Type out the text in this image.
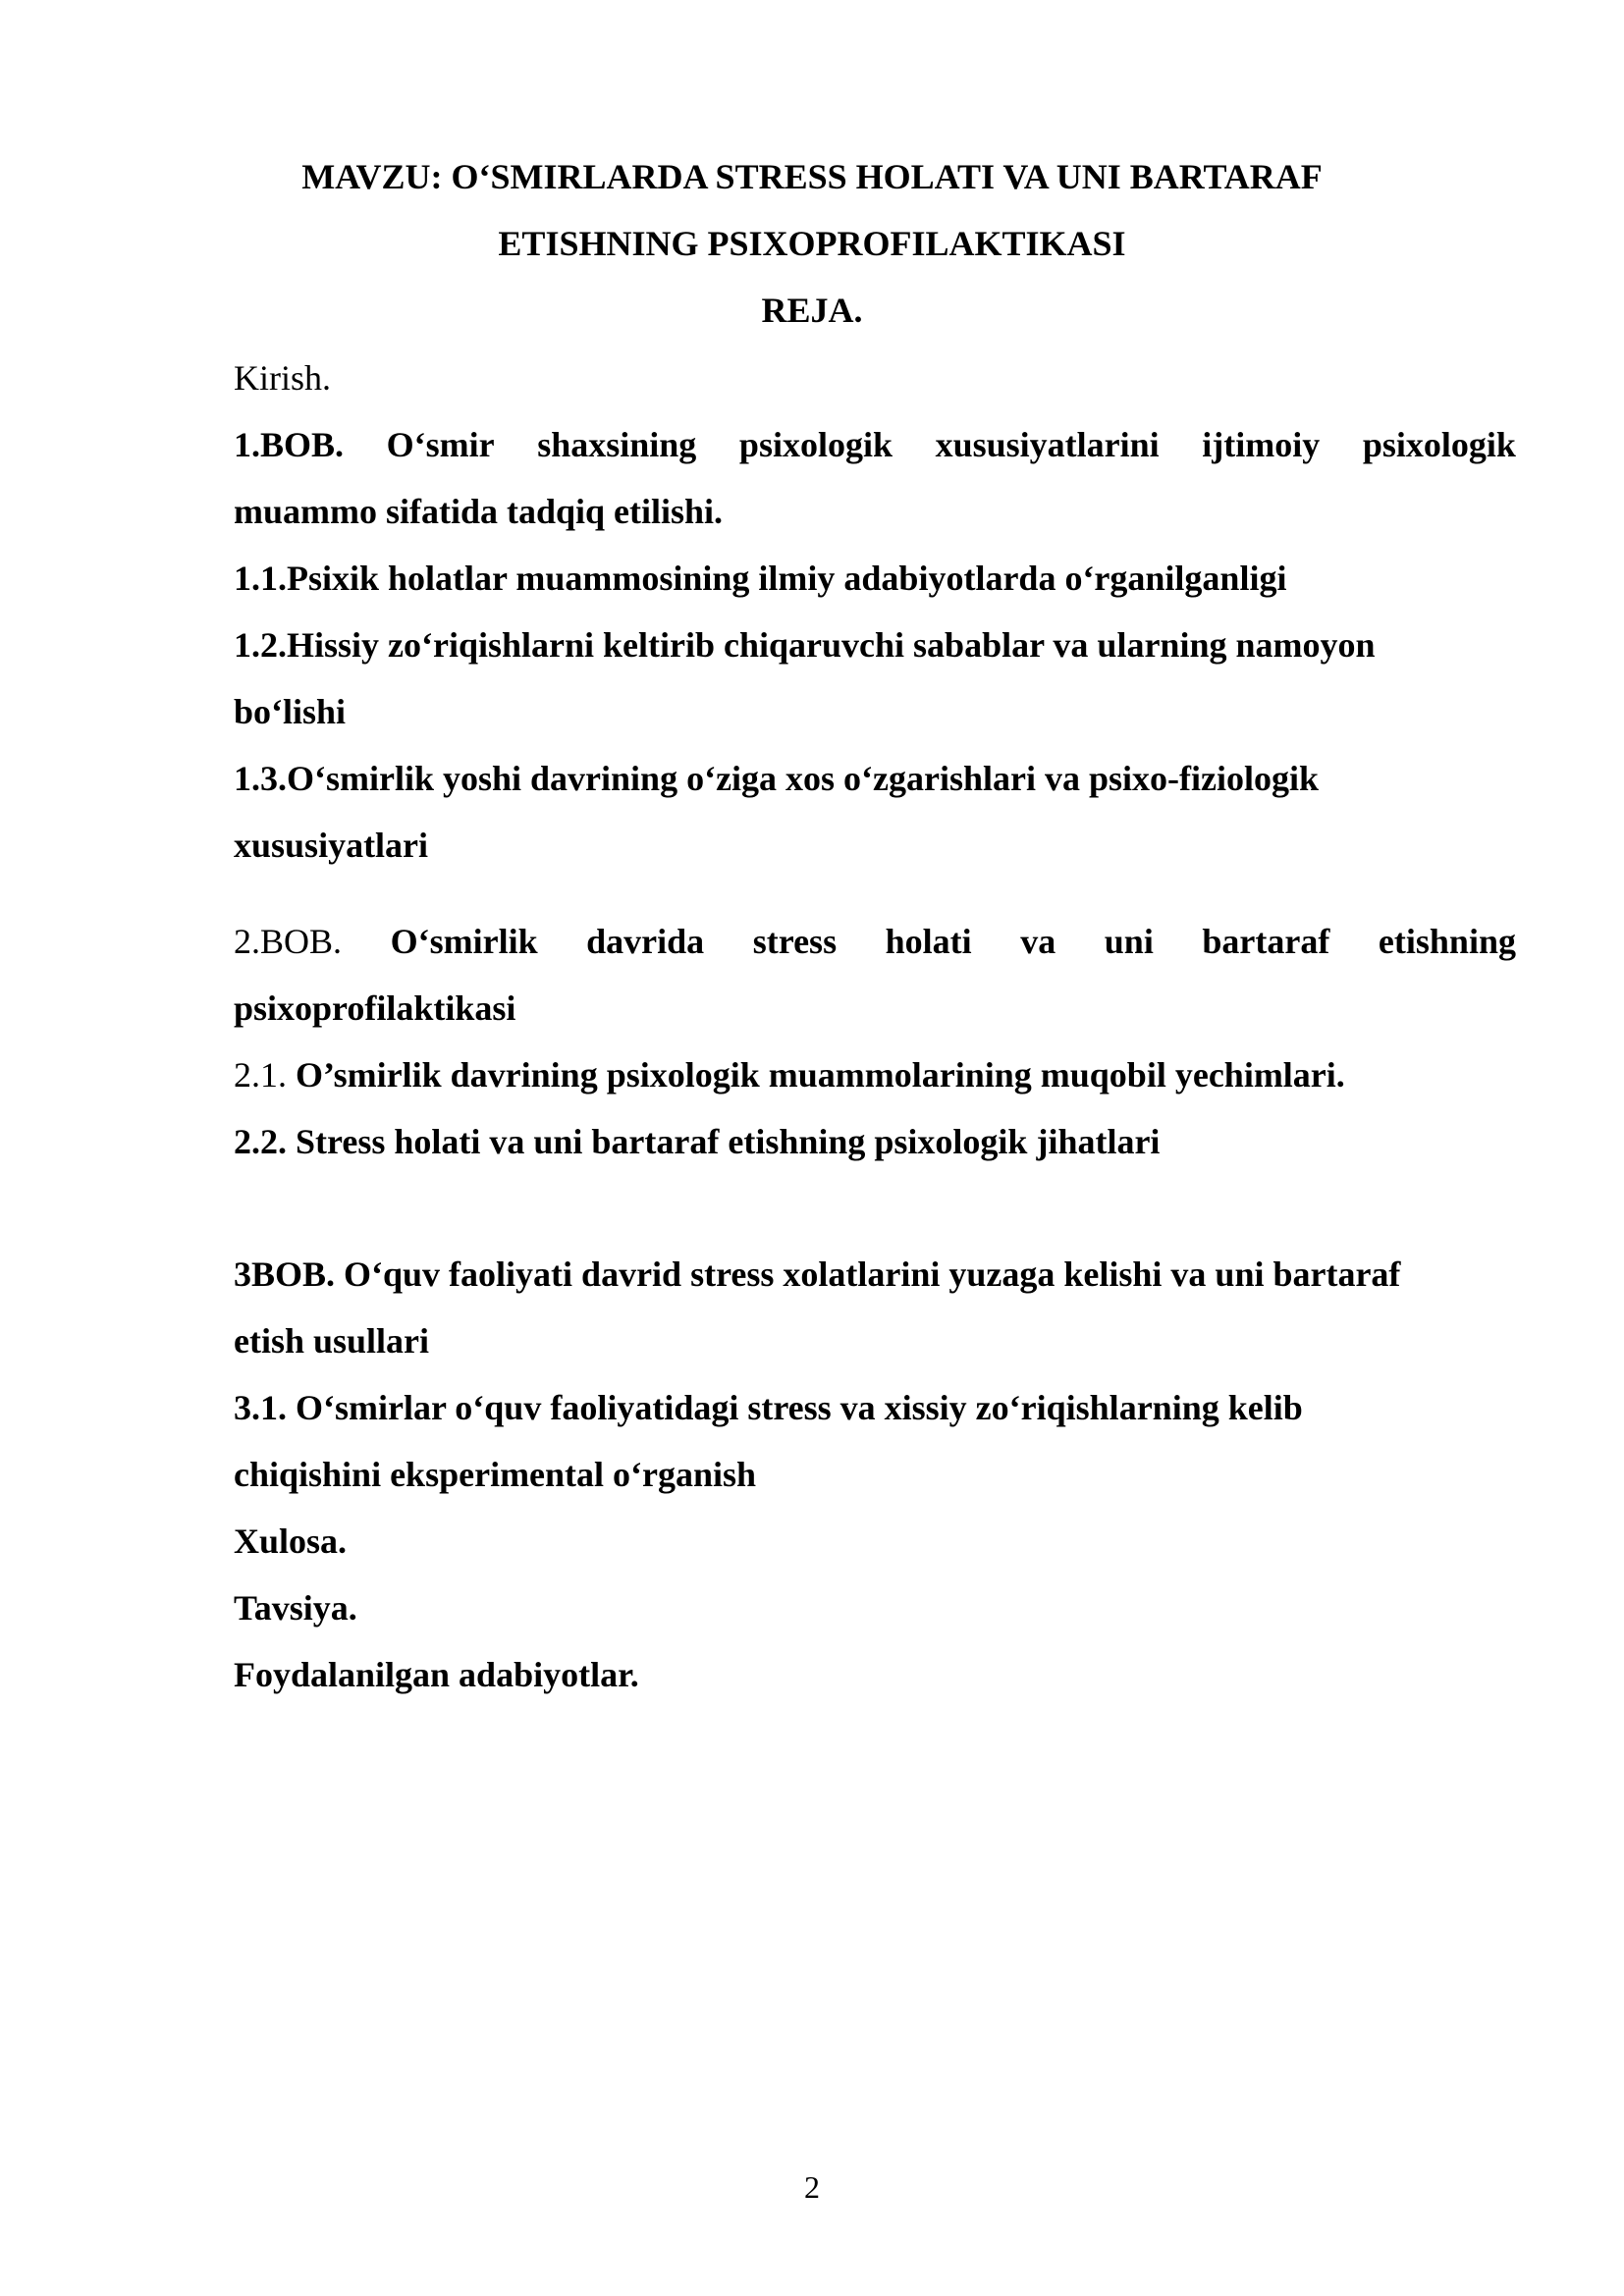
MAVZU: O‘SMIRLARDA STRESS HOLATI VA UNI BARTARAF
ETISHNING PSIXOPROFILAKTIKASI
REJA.
Kirish.
1.BOB. O‘smir shaxsining psixologik xususiyatlarini ijtimoiy psixologik
muammo sifatida tadqiq etilishi.
1.1.Psixik holatlar muammosining ilmiy adabiyotlarda o‘rganilganligi
1.2.Hissiy zo‘riqishlarni keltirib chiqaruvchi sabablar va ularning namoyon
bo‘lishi
1.3.O‘smirlik yoshi davrining o‘ziga xos o‘zgarishlari va psixo-fiziologik
xususiyatlari
2.BOB. O‘smirlik davrida stress holati va uni bartaraf etishning
psixoprofilaktikasi
2.1. O’smirlik davrining psixologik muammolarining muqobil yechimlari.
2.2. Stress holati va uni bartaraf etishning psixologik jihatlari
3BOB. O‘quv faoliyati davrid stress xolatlarini yuzaga kelishi va uni bartaraf
etish usullari
3.1. O‘smirlar o‘quv faoliyatidagi stress va xissiy zo‘riqishlarning kelib
chiqishini eksperimental o‘rganish
Xulosa.
Tavsiya.
Foydalanilgan adabiyotlar.
2
